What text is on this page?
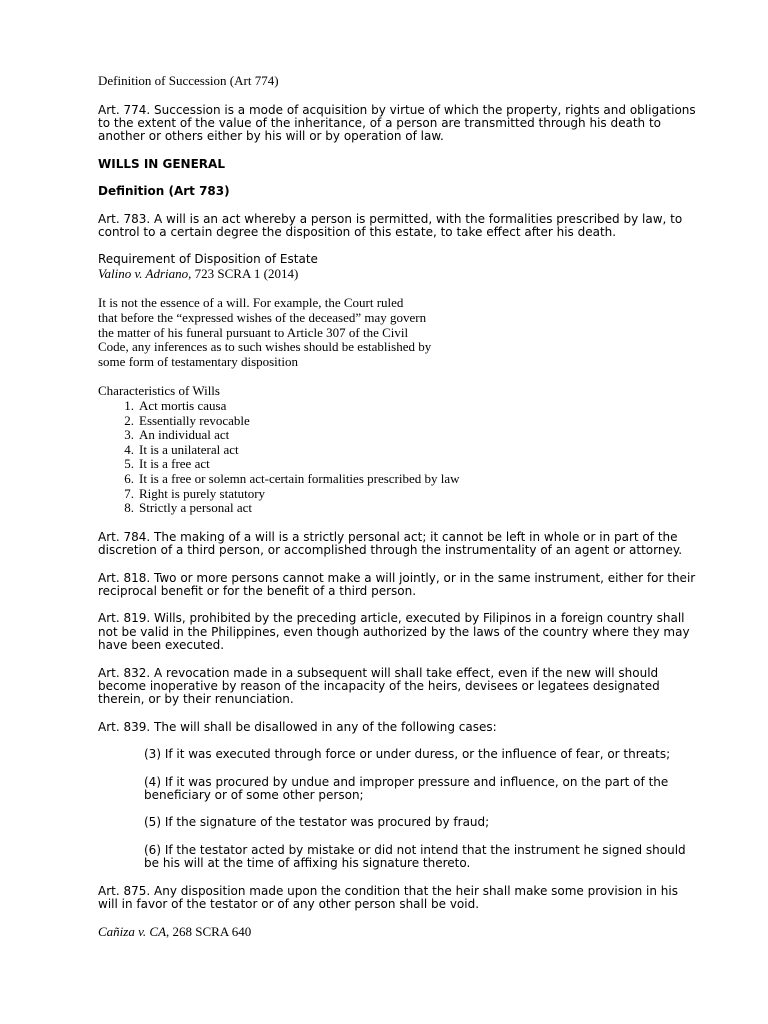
Definition of Succession (Art 774)

Art. 774. Succession is a mode of acquisition by virtue of which the property, rights and obligations to the extent of the value of the inheritance, of a person are transmitted through his death to another or others either by his will or by operation of law.

WILLS IN GENERAL

Definition (Art 783)

Art. 783. A will is an act whereby a person is permitted, with the formalities prescribed by law, to control to a certain degree the disposition of this estate, to take effect after his death.

Requirement of Disposition of Estate

Valino v. Adriano, 723 SCRA 1 (2014)

It is not the essence of a will. For example, the Court ruled
that before the “expressed wishes of the deceased” may govern
the matter of his funeral pursuant to Article 307 of the Civil
Code, any inferences as to such wishes should be established by
some form of testamentary disposition

Characteristics of Wills

1. Act mortis causa
2. Essentially revocable
3. An individual act
4. It is a unilateral act
5. It is a free act
6. It is a free or solemn act-certain formalities prescribed by law
7. Right is purely statutory
8. Strictly a personal act

Art. 784. The making of a will is a strictly personal act; it cannot be left in whole or in part of the discretion of a third person, or accomplished through the instrumentality of an agent or attorney.

Art. 818. Two or more persons cannot make a will jointly, or in the same instrument, either for their reciprocal benefit or for the benefit of a third person.

Art. 819. Wills, prohibited by the preceding article, executed by Filipinos in a foreign country shall not be valid in the Philippines, even though authorized by the laws of the country where they may have been executed.

Art. 832. A revocation made in a subsequent will shall take effect, even if the new will should become inoperative by reason of the incapacity of the heirs, devisees or legatees designated therein, or by their renunciation.

Art. 839. The will shall be disallowed in any of the following cases:

(3) If it was executed through force or under duress, or the influence of fear, or threats;

(4) If it was procured by undue and improper pressure and influence, on the part of the beneficiary or of some other person;

(5) If the signature of the testator was procured by fraud;

(6) If the testator acted by mistake or did not intend that the instrument he signed should be his will at the time of affixing his signature thereto.

Art. 875. Any disposition made upon the condition that the heir shall make some provision in his will in favor of the testator or of any other person shall be void.

Cañiza v. CA, 268 SCRA 640
